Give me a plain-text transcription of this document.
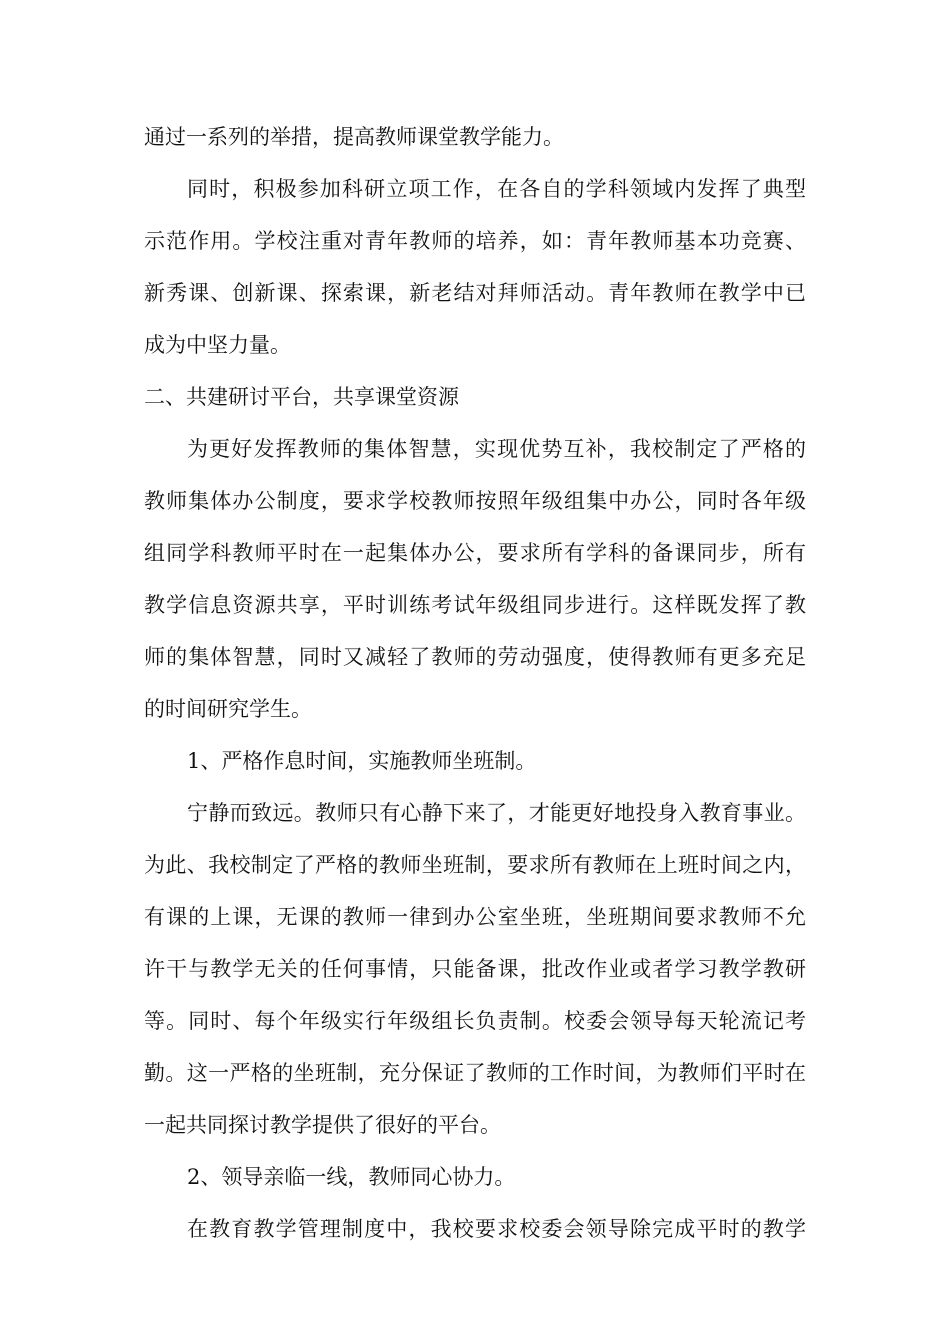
通过一系列的举措，提高教师课堂教学能力。
同时，积极参加科研立项工作，在各自的学科领域内发挥了典型
示范作用。学校注重对青年教师的培养，如：青年教师基本功竞赛、
新秀课、创新课、探索课，新老结对拜师活动。青年教师在教学中已
成为中坚力量。
二、共建研讨平台，共享课堂资源
为更好发挥教师的集体智慧，实现优势互补，我校制定了严格的
教师集体办公制度，要求学校教师按照年级组集中办公，同时各年级
组同学科教师平时在一起集体办公，要求所有学科的备课同步，所有
教学信息资源共享，平时训练考试年级组同步进行。这样既发挥了教
师的集体智慧，同时又减轻了教师的劳动强度，使得教师有更多充足
的时间研究学生。
1、严格作息时间，实施教师坐班制。
宁静而致远。教师只有心静下来了，才能更好地投身入教育事业。
为此、我校制定了严格的教师坐班制，要求所有教师在上班时间之内，
有课的上课，无课的教师一律到办公室坐班，坐班期间要求教师不允
许干与教学无关的任何事情，只能备课，批改作业或者学习教学教研
等。同时、每个年级实行年级组长负责制。校委会领导每天轮流记考
勤。这一严格的坐班制，充分保证了教师的工作时间，为教师们平时在
一起共同探讨教学提供了很好的平台。
2、领导亲临一线，教师同心协力。
在教育教学管理制度中，我校要求校委会领导除完成平时的教学
